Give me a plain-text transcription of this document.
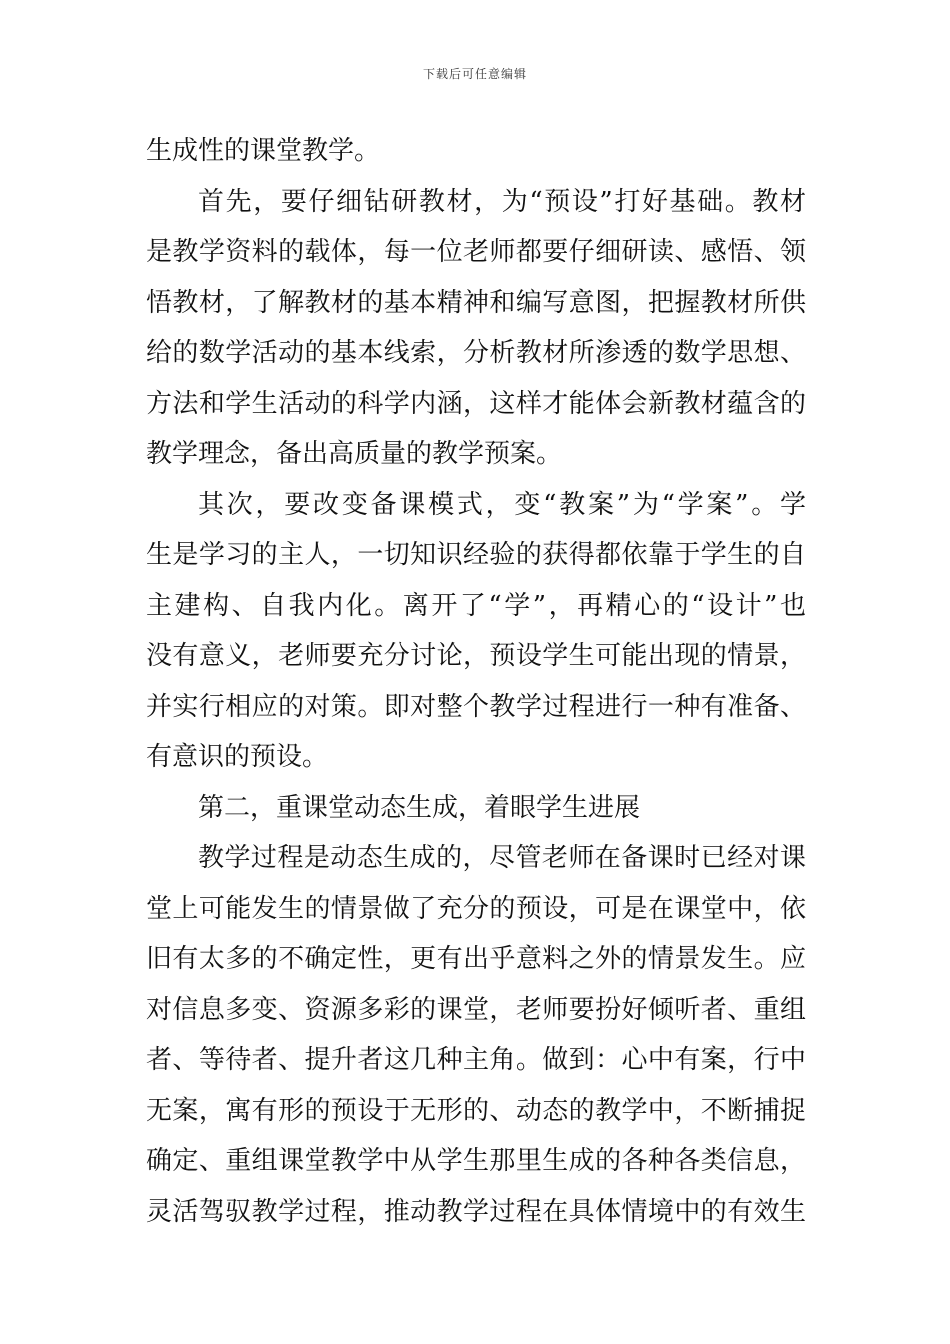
下载后可任意编辑
生成性的课堂教学。
首先，要仔细钻研教材，为“预设”打好基础。教材
是教学资料的载体，每一位老师都要仔细研读、感悟、领
悟教材，了解教材的基本精神和编写意图，把握教材所供
给的数学活动的基本线索，分析教材所渗透的数学思想、
方法和学生活动的科学内涵，这样才能体会新教材蕴含的
教学理念，备出高质量的教学预案。
其次，要改变备课模式，变“教案”为“学案”。学
生是学习的主人，一切知识经验的获得都依靠于学生的自
主建构、自我内化。离开了“学”，再精心的“设计”也
没有意义，老师要充分讨论，预设学生可能出现的情景，
并实行相应的对策。即对整个教学过程进行一种有准备、
有意识的预设。
第二，重课堂动态生成，着眼学生进展
教学过程是动态生成的，尽管老师在备课时已经对课
堂上可能发生的情景做了充分的预设，可是在课堂中，依
旧有太多的不确定性，更有出乎意料之外的情景发生。应
对信息多变、资源多彩的课堂，老师要扮好倾听者、重组
者、等待者、提升者这几种主角。做到：心中有案，行中
无案，寓有形的预设于无形的、动态的教学中，不断捕捉
确定、重组课堂教学中从学生那里生成的各种各类信息，
灵活驾驭教学过程，推动教学过程在具体情境中的有效生
